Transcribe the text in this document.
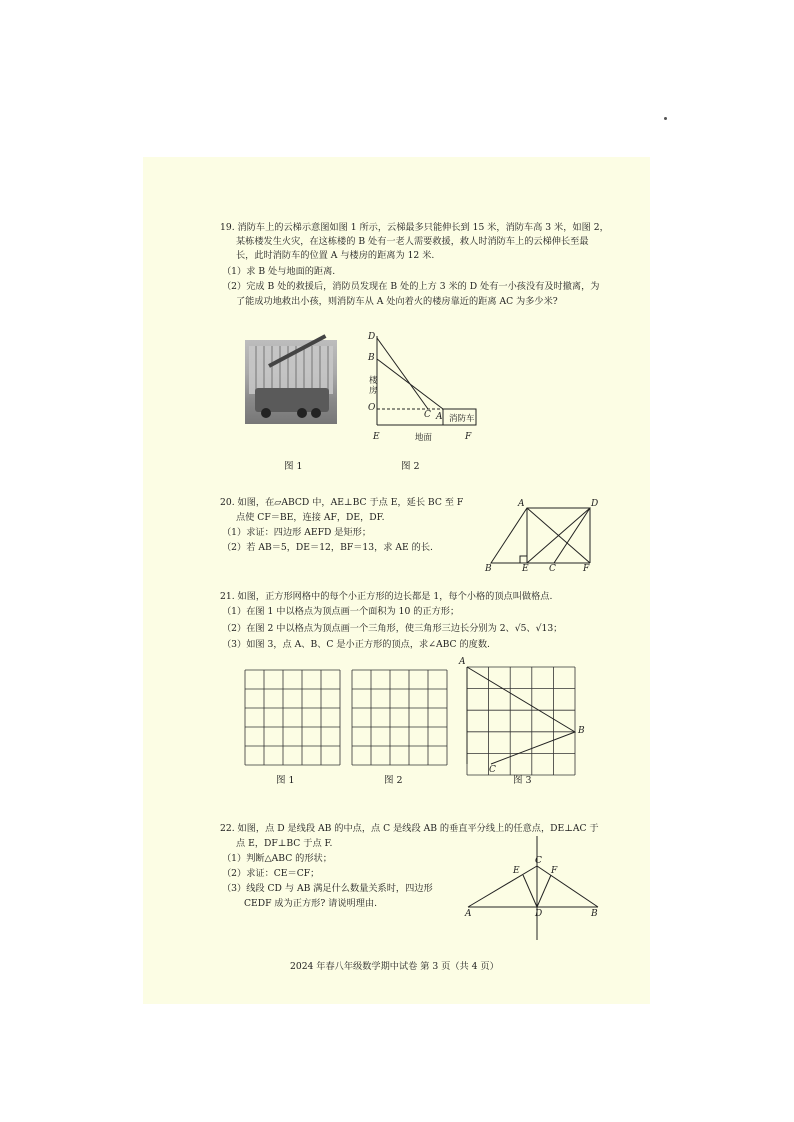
19. 消防车上的云梯示意图如图 1 所示，云梯最多只能伸长到 15 米，消防车高 3 米，如图 2，
某栋楼发生火灾，在这栋楼的 B 处有一老人需要救援，救人时消防车上的云梯伸长至最
长，此时消防车的位置 A 与楼房的距离为 12 米.
（1）求 B 处与地面的距离.
（2）完成 B 处的救援后，消防员发现在 B 处的上方 3 米的 D 处有一小孩没有及时撤离，为
了能成功地救出小孩，则消防车从 A 处向着火的楼房靠近的距离 AC 为多少米?
D
B
O
C A
E	F
楼房
地面
消防车
图 1	图 2
20. 如图，在▱ABCD 中，AE⊥BC 于点 E，延长 BC 至 F
点使 CF＝BE，连接 AF，DE，DF.
（1）求证：四边形 AEFD 是矩形；
（2）若 AB＝5，DE＝12，BF＝13，求 AE 的长.
A	D
B	E C	F
21. 如图，正方形网格中的每个小正方形的边长都是 1，每个小格的顶点叫做格点.
（1）在图 1 中以格点为顶点画一个面积为 10 的正方形；
（2）在图 2 中以格点为顶点画一个三角形，使三角形三边长分别为 2、√5、√13；
（3）如图 3，点 A、B、C 是小正方形的顶点，求∠ABC 的度数.
A
B
C
图 1	图 2	图 3
22. 如图，点 D 是线段 AB 的中点，点 C 是线段 AB 的垂直平分线上的任意点，DE⊥AC 于
点 E，DF⊥BC 于点 F.
（1）判断△ABC 的形状；
（2）求证：CE＝CF；
（3）线段 CD 与 AB 满足什么数量关系时，四边形
CEDF 成为正方形? 请说明理由.
C
E	F
A	D	B
2024 年春八年级数学期中试卷 第 3 页（共 4 页）
